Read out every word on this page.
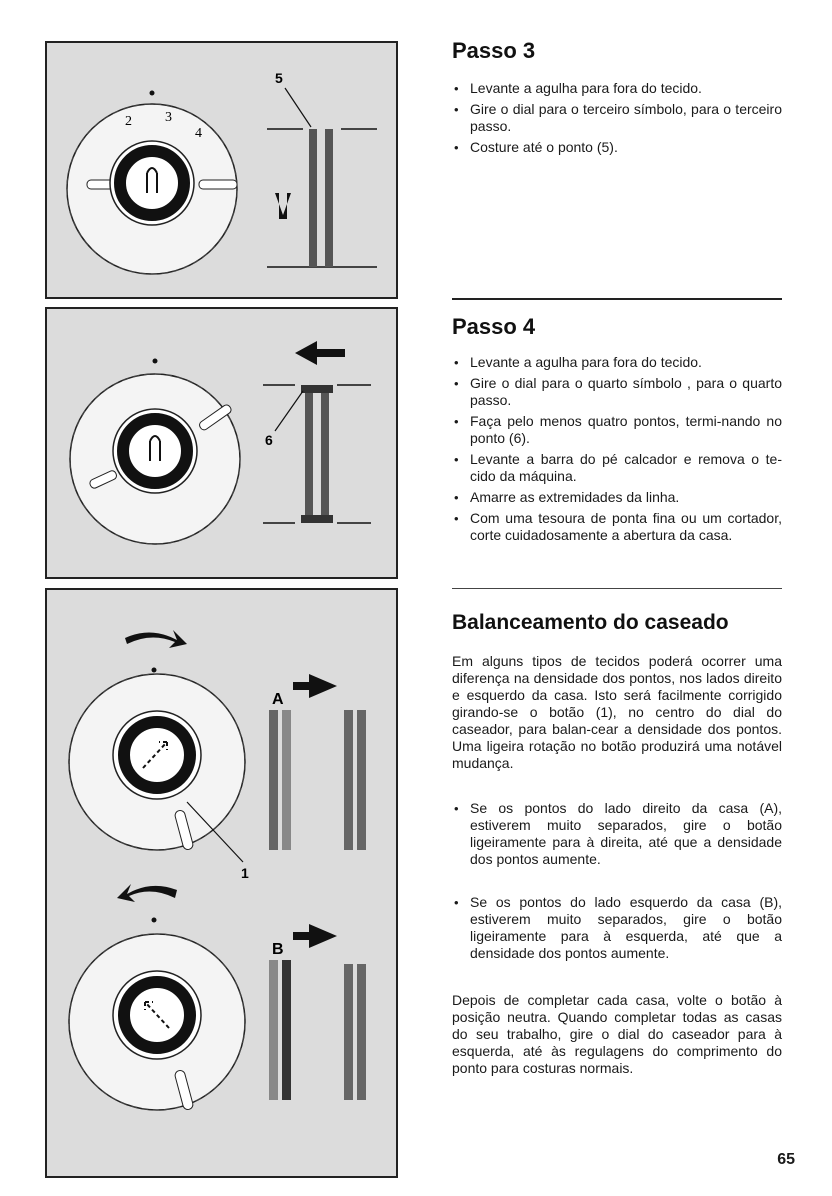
2 3
4
5
6
1
A
B
Passo 3
• Levante a agulha para fora do tecido.
• Gire o dial para o terceiro símbolo, para o terceiro passo.
• Costure até o ponto (5).
Passo 4
• Levante a agulha para fora do tecido.
• Gire o dial para o quarto símbolo , para o quarto passo.
• Faça pelo menos quatro pontos, termi-nando no ponto (6).
• Levante a barra do pé calcador e remova o te-cido da máquina.
• Amarre as extremidades da linha.
• Com uma tesoura de ponta fina ou um cortador, corte cuidadosamente a abertura da casa.
Balanceamento do caseado

Em alguns tipos de tecidos poderá ocorrer uma diferença na densidade dos pontos, nos lados direito e esquerdo da casa. Isto será facilmente corrigido girando-se o botão (1), no centro do dial do caseador, para balan-cear a densidade dos pontos. Uma ligeira rotação no botão produzirá uma notável mudança.

• Se os pontos do lado direito da casa (A), estiverem muito separados, gire o botão ligeiramente para à direita, até que a densidade dos pontos aumente.
• Se os pontos do lado esquerdo da casa (B), estiverem muito separados, gire o botão ligeiramente para à esquerda, até que a densidade dos pontos aumente.

Depois de completar cada casa, volte o botão à posição neutra. Quando completar todas as casas do seu trabalho, gire o dial do caseador para à esquerda, até às regulagens do comprimento do ponto para costuras normais.

65
